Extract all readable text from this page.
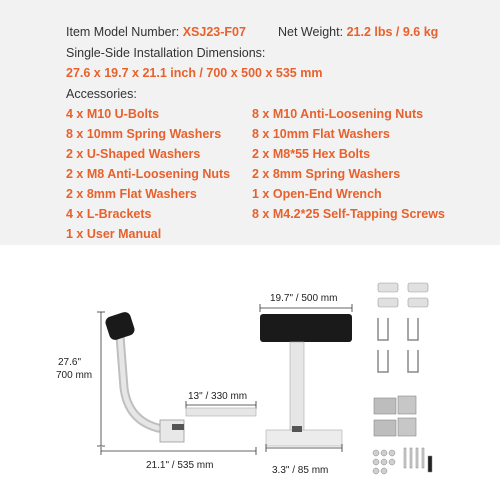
Item Model Number: XSJ23-F07	Net Weight: 21.2 lbs / 9.6 kg
Single-Side Installation Dimensions:
27.6 x 19.7 x 21.1 inch / 700 x 500 x 535 mm
Accessories:
4 x M10 U-Bolts
8 x 10mm Spring Washers
2 x U-Shaped Washers
2 x M8 Anti-Loosening Nuts
2 x 8mm Flat Washers
4 x L-Brackets
1 x User Manual
8 x M10 Anti-Loosening Nuts
8 x 10mm Flat Washers
2 x M8*55 Hex Bolts
2 x 8mm Spring Washers
1 x Open-End Wrench
8 x M4.2*25 Self-Tapping Screws
27.6"
700 mm
13" / 330 mm
21.1" / 535 mm
19.7" / 500 mm
3.3" / 85 mm
